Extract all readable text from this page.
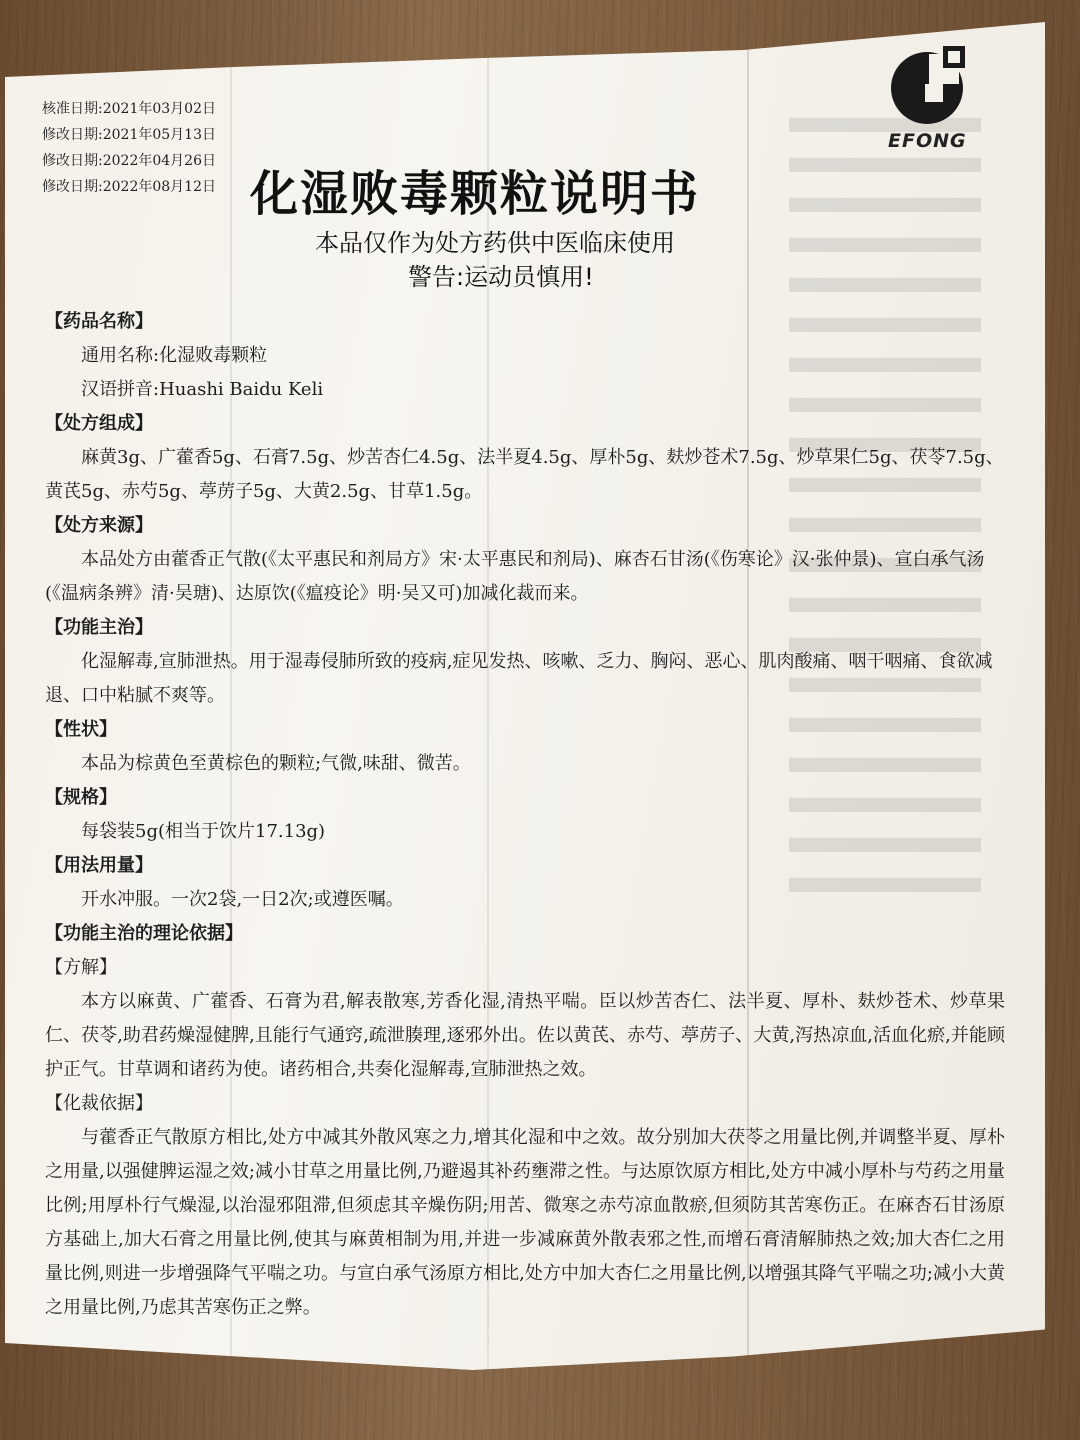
核准日期:2021年03月02日
修改日期:2021年05月13日
修改日期:2022年04月26日
修改日期:2022年08月12日
EFONG
化湿败毒颗粒说明书
本品仅作为处方药供中医临床使用
警告:运动员慎用!
【药品名称】

通用名称:化湿败毒颗粒

汉语拼音:Huashi Baidu Keli

【处方组成】

麻黄3g、广藿香5g、石膏7.5g、炒苦杏仁4.5g、法半夏4.5g、厚朴5g、麸炒苍术7.5g、炒草果仁5g、茯苓7.5g、黄芪5g、赤芍5g、葶苈子5g、大黄2.5g、甘草1.5g。

【处方来源】

本品处方由藿香正气散(《太平惠民和剂局方》宋·太平惠民和剂局)、麻杏石甘汤(《伤寒论》汉·张仲景)、宣白承气汤(《温病条辨》清·吴瑭)、达原饮(《瘟疫论》明·吴又可)加减化裁而来。

【功能主治】

化湿解毒,宣肺泄热。用于湿毒侵肺所致的疫病,症见发热、咳嗽、乏力、胸闷、恶心、肌肉酸痛、咽干咽痛、食欲减退、口中粘腻不爽等。

【性状】

本品为棕黄色至黄棕色的颗粒;气微,味甜、微苦。

【规格】

每袋装5g(相当于饮片17.13g)

【用法用量】

开水冲服。一次2袋,一日2次;或遵医嘱。

【功能主治的理论依据】
【方解】

本方以麻黄、广藿香、石膏为君,解表散寒,芳香化湿,清热平喘。臣以炒苦杏仁、法半夏、厚朴、麸炒苍术、炒草果仁、茯苓,助君药燥湿健脾,且能行气通窍,疏泄腠理,逐邪外出。佐以黄芪、赤芍、葶苈子、大黄,泻热凉血,活血化瘀,并能顾护正气。甘草调和诸药为使。诸药相合,共奏化湿解毒,宣肺泄热之效。

【化裁依据】

与藿香正气散原方相比,处方中减其外散风寒之力,增其化湿和中之效。故分别加大茯苓之用量比例,并调整半夏、厚朴之用量,以强健脾运湿之效;减小甘草之用量比例,乃避遏其补药壅滞之性。与达原饮原方相比,处方中减小厚朴与芍药之用量比例;用厚朴行气燥湿,以治湿邪阻滞,但须虑其辛燥伤阴;用苦、微寒之赤芍凉血散瘀,但须防其苦寒伤正。在麻杏石甘汤原方基础上,加大石膏之用量比例,使其与麻黄相制为用,并进一步减麻黄外散表邪之性,而增石膏清解肺热之效;加大杏仁之用量比例,则进一步增强降气平喘之功。与宣白承气汤原方相比,处方中加大杏仁之用量比例,以增强其降气平喘之功;减小大黄之用量比例,乃虑其苦寒伤正之弊。
